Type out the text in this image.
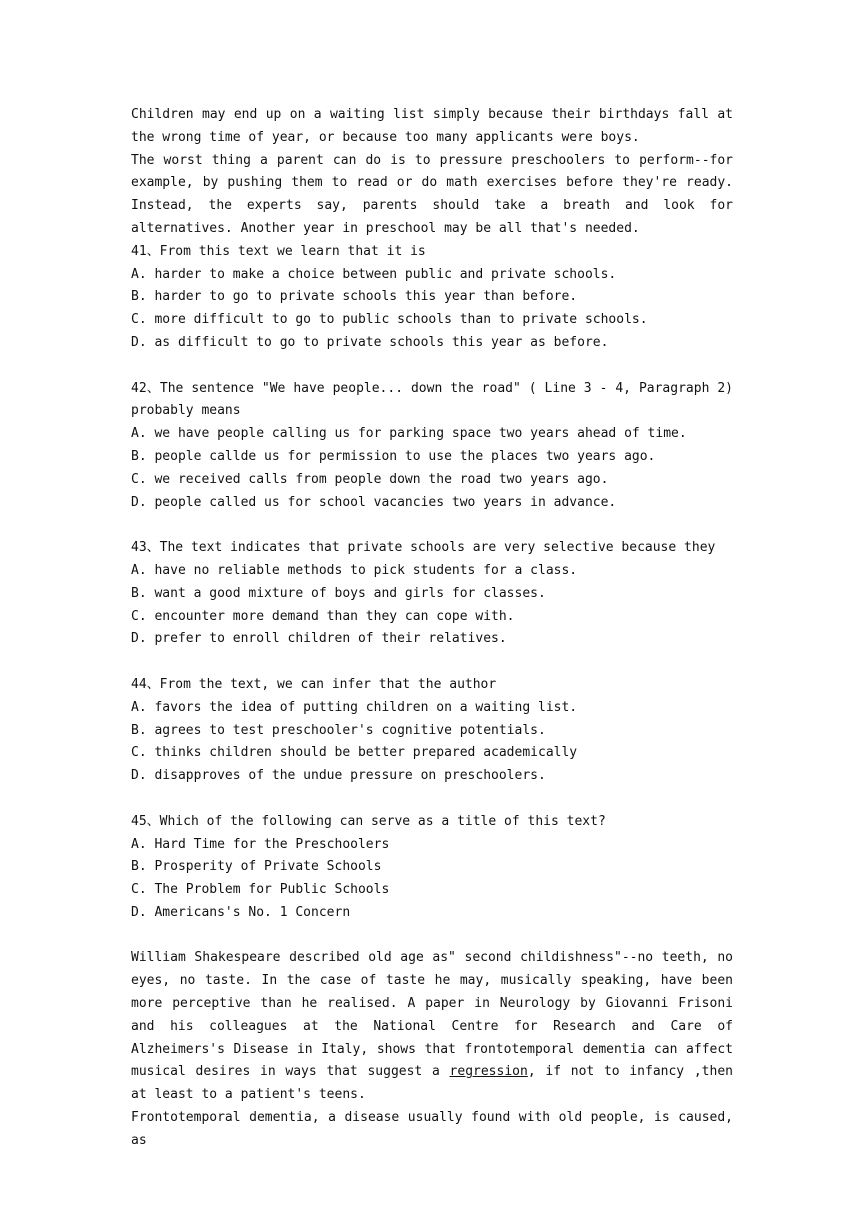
Children may end up on a waiting list simply because their birthdays fall at the wrong time of year, or because too many applicants were boys.
The worst thing a parent can do is to pressure preschoolers to perform--for example, by pushing them to read or do math exercises before they're ready. Instead, the experts say, parents should take a breath and look for alternatives. Another year in preschool may be all that's needed.
41、From this text we learn that it is
A. harder to make a choice between public and private schools.
B. harder to go to private schools this year than before.
C. more difficult to go to public schools than to private schools.
D. as difficult to go to private schools this year as before.
42、The sentence "We have people... down the road" ( Line 3 - 4, Paragraph 2) probably means
A. we have people calling us for parking space two years ahead of time.
B. people callde us for permission to use the places two years ago.
C. we received calls from people down the road two years ago.
D. people called us for school vacancies two years in advance.
43、The text indicates that private schools are very selective because they
A. have no reliable methods to pick students for a class.
B. want a good mixture of boys and girls for classes.
C. encounter more demand than they can cope with.
D. prefer to enroll children of their relatives.
44、From the text, we can infer that the author
A. favors the idea of putting children on a waiting list.
B. agrees to test preschooler's cognitive potentials.
C. thinks children should be better prepared academically
D. disapproves of the undue pressure on preschoolers.
45、Which of the following can serve as a title of this text?
A. Hard Time for the Preschoolers
B. Prosperity of Private Schools
C. The Problem for Public Schools
D. Americans's No. 1 Concern
William Shakespeare described old age as" second childishness"--no teeth, no eyes, no taste. In the case of taste he may, musically speaking, have been more perceptive than he realised. A paper in Neurology by Giovanni Frisoni and his colleagues at the National Centre for Research and Care of Alzheimers's Disease in Italy, shows that frontotemporal dementia can affect musical desires in ways that suggest a regression, if not to infancy ,then at least to a patient's teens.
Frontotemporal dementia, a disease usually found with old people, is caused, as
